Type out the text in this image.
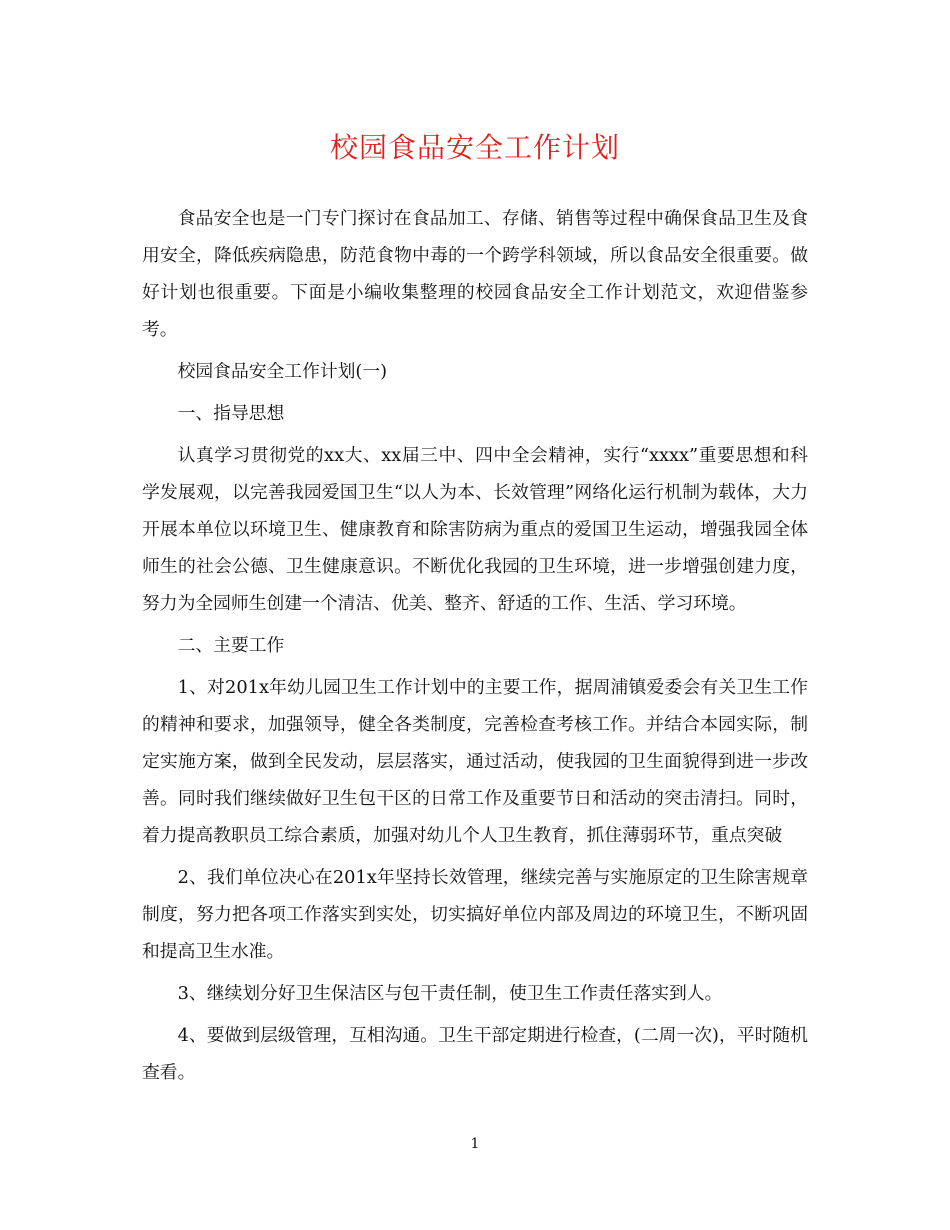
校园食品安全工作计划

食品安全也是一门专门探讨在食品加工、存储、销售等过程中确保食品卫生及食用安全，降低疾病隐患，防范食物中毒的一个跨学科领域，所以食品安全很重要。做好计划也很重要。下面是小编收集整理的校园食品安全工作计划范文，欢迎借鉴参考。

校园食品安全工作计划(一)

一、指导思想

认真学习贯彻党的xx大、xx届三中、四中全会精神，实行“xxxx”重要思想和科学发展观，以完善我园爱国卫生“以人为本、长效管理”网络化运行机制为载体，大力开展本单位以环境卫生、健康教育和除害防病为重点的爱国卫生运动，增强我园全体师生的社会公德、卫生健康意识。不断优化我园的卫生环境，进一步增强创建力度，努力为全园师生创建一个清洁、优美、整齐、舒适的工作、生活、学习环境。

二、主要工作

1、对201x年幼儿园卫生工作计划中的主要工作，据周浦镇爱委会有关卫生工作的精神和要求，加强领导，健全各类制度，完善检查考核工作。并结合本园实际，制定实施方案，做到全民发动，层层落实，通过活动，使我园的卫生面貌得到进一步改善。同时我们继续做好卫生包干区的日常工作及重要节日和活动的突击清扫。同时，着力提高教职员工综合素质，加强对幼儿个人卫生教育，抓住薄弱环节，重点突破

2、我们单位决心在201x年坚持长效管理，继续完善与实施原定的卫生除害规章制度，努力把各项工作落实到实处，切实搞好单位内部及周边的环境卫生，不断巩固和提高卫生水准。

3、继续划分好卫生保洁区与包干责任制，使卫生工作责任落实到人。

4、要做到层级管理，互相沟通。卫生干部定期进行检查，(二周一次)，平时随机查看。

1
